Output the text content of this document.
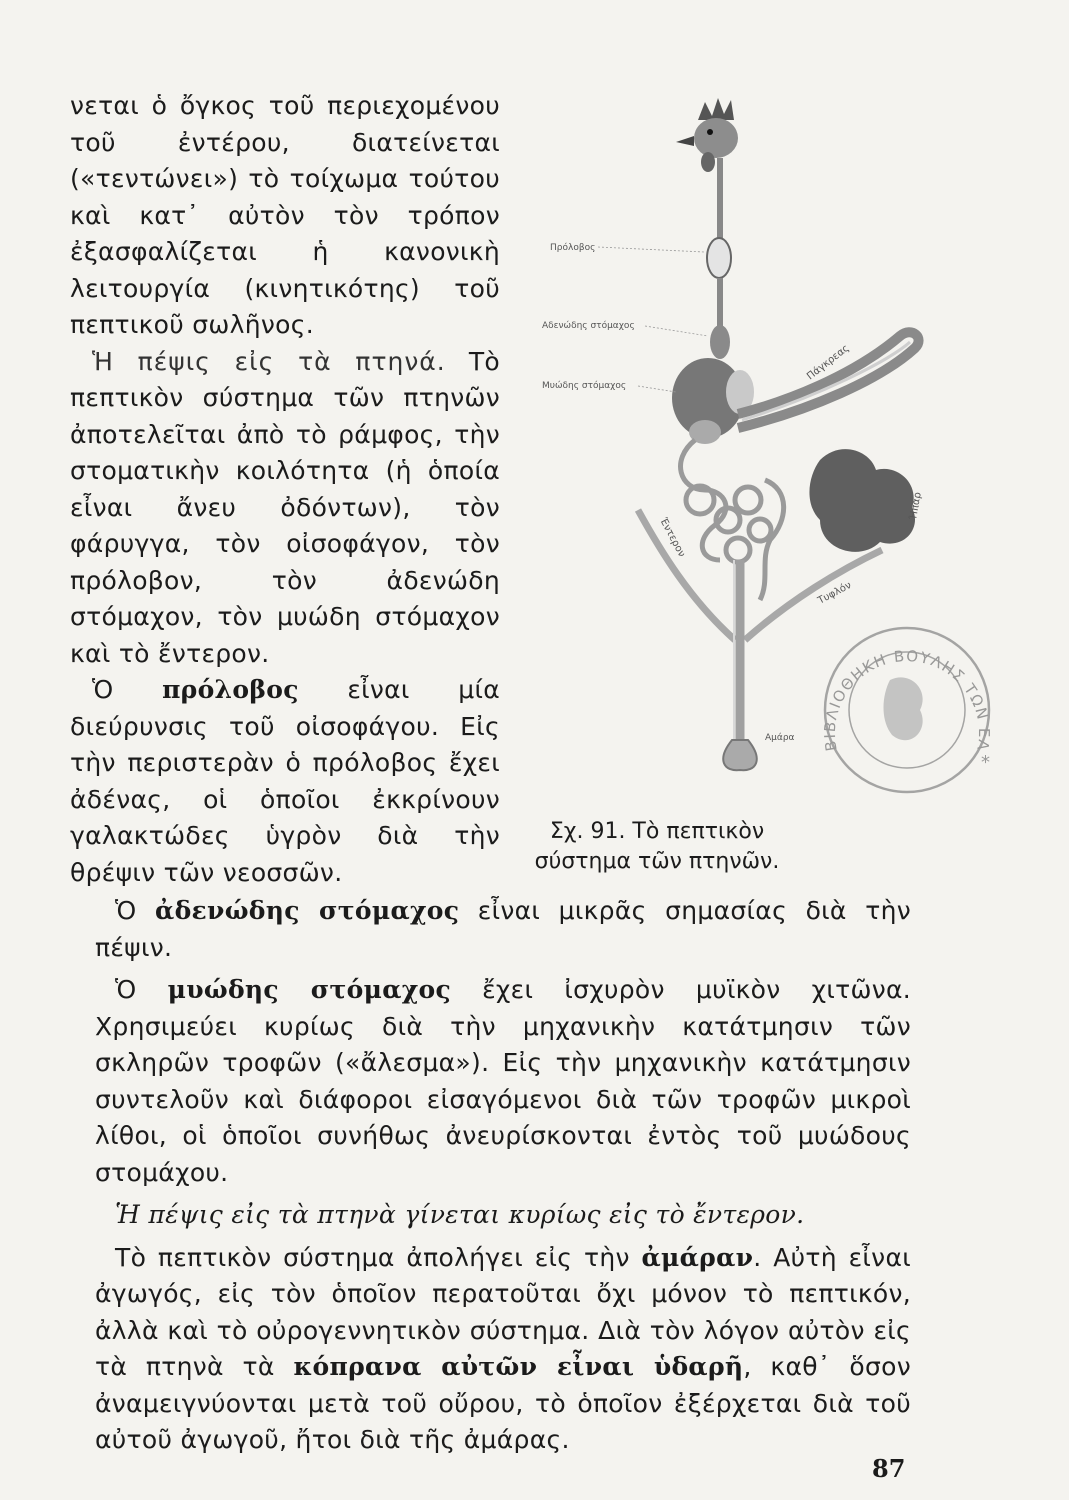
νεται ὁ ὄγκος τοῦ περιεχομένου τοῦ ἐντέρου, διατείνεται («τεντώνει») τὸ τοίχωμα τούτου καὶ κατ᾽ αὐτὸν τὸν τρόπον ἐξασφαλίζεται ἡ κανονικὴ λειτουργία (κινητικότης) τοῦ πεπτικοῦ σωλῆνος.

Ἡ πέψις εἰς τὰ πτηνά. Τὸ πεπτικὸν σύστημα τῶν πτηνῶν ἀποτελεῖται ἀπὸ τὸ ράμφος, τὴν στοματικὴν κοιλότητα (ἡ ὁποία εἶναι ἄνευ ὀδόντων), τὸν φάρυγγα, τὸν οἰσοφάγον, τὸν πρόλοβον, τὸν ἀδενώδη στόμαχον, τὸν μυώδη στόμαχον καὶ τὸ ἔντερον.

Ὁ πρόλοβος εἶναι μία διεύρυνσις τοῦ οἰσοφάγου. Εἰς τὴν περιστερὰν ὁ πρόλοβος ἔχει ἀδένας, οἱ ὁποῖοι ἐκκρίνουν γαλακτώδες ὑγρὸν διὰ τὴν θρέψιν τῶν νεοσσῶν.

Πρόλοβος
Αδενώδης στόμαχος
Μυώδης στόμαχος
Πάγκρεας
Ήπαρ
Έντερον
Τυφλόν
Αμάρα	ΒΙΒΛΙΟΘΗΚΗ ΒΟΥΛΗΣ ΤΩΝ ΕΛ
*
Σχ. 91. Τὸ πεπτικὸν σύστημα τῶν πτηνῶν.

Ὁ ἀδενώδης στόμαχος εἶναι μικρᾶς σημασίας διὰ τὴν πέψιν.

Ὁ μυώδης στόμαχος ἔχει ἰσχυρὸν μυϊκὸν χιτῶνα. Χρησιμεύει κυρίως διὰ τὴν μηχανικὴν κατάτμησιν τῶν σκληρῶν τροφῶν («ἄλεσμα»). Εἰς τὴν μηχανικὴν κατάτμησιν συντελοῦν καὶ διάφοροι εἰσαγόμενοι διὰ τῶν τροφῶν μικροὶ λίθοι, οἱ ὁποῖοι συνήθως ἀνευρίσκονται ἐντὸς τοῦ μυώδους στομάχου.

Ἡ πέψις εἰς τὰ πτηνὰ γίνεται κυρίως εἰς τὸ ἔντερον.

Τὸ πεπτικὸν σύστημα ἀπολήγει εἰς τὴν ἀμάραν. Αὐτὴ εἶναι ἀγωγός, εἰς τὸν ὁποῖον περατοῦται ὄχι μόνον τὸ πεπτικόν, ἀλλὰ καὶ τὸ οὐρογεννητικὸν σύστημα. Διὰ τὸν λόγον αὐτὸν εἰς τὰ πτηνὰ τὰ κόπρανα αὐτῶν εἶναι ὑδαρῆ, καθ᾽ ὅσον ἀναμειγνύονται μετὰ τοῦ οὔρου, τὸ ὁποῖον ἐξέρχεται διὰ τοῦ αὐτοῦ ἀγωγοῦ, ἤτοι διὰ τῆς ἀμάρας.

87
